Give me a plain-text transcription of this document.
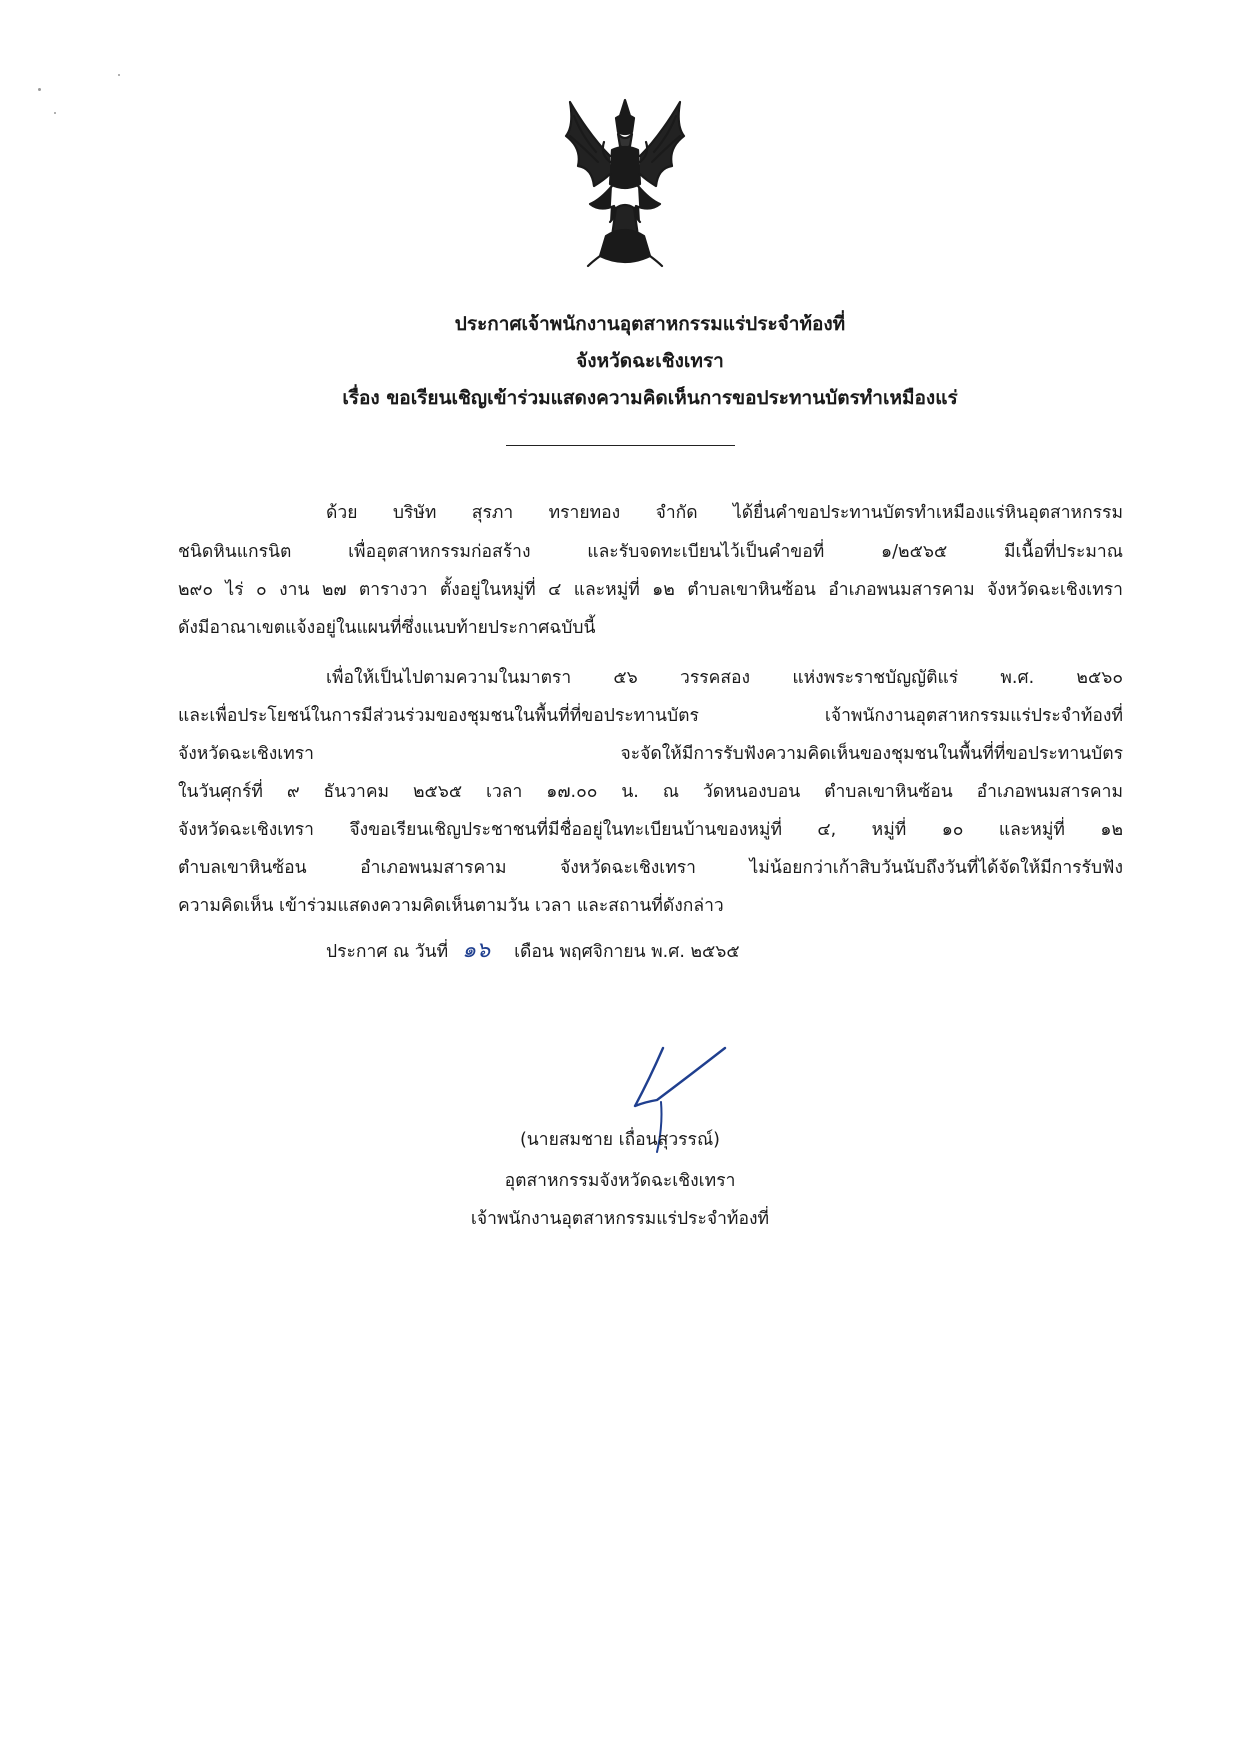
ประกาศเจ้าพนักงานอุตสาหกรรมแร่ประจำท้องที่
จังหวัดฉะเชิงเทรา
เรื่อง ขอเรียนเชิญเข้าร่วมแสดงความคิดเห็นการขอประทานบัตรทำเหมืองแร่
ด้วย บริษัท สุรภา ทรายทอง จำกัด ได้ยื่นคำขอประทานบัตรทำเหมืองแร่หินอุตสาหกรรม
ชนิดหินแกรนิต เพื่ออุตสาหกรรมก่อสร้าง และรับจดทะเบียนไว้เป็นคำขอที่ ๑/๒๕๖๕ มีเนื้อที่ประมาณ
๒๙๐ ไร่ ๐ งาน ๒๗ ตารางวา ตั้งอยู่ในหมู่ที่ ๔ และหมู่ที่ ๑๒ ตำบลเขาหินซ้อน อำเภอพนมสารคาม จังหวัดฉะเชิงเทรา
ดังมีอาณาเขตแจ้งอยู่ในแผนที่ซึ่งแนบท้ายประกาศฉบับนี้
เพื่อให้เป็นไปตามความในมาตรา ๕๖ วรรคสอง แห่งพระราชบัญญัติแร่ พ.ศ. ๒๕๖๐
และเพื่อประโยชน์ในการมีส่วนร่วมของชุมชนในพื้นที่ที่ขอประทานบัตร เจ้าพนักงานอุตสาหกรรมแร่ประจำท้องที่
จังหวัดฉะเชิงเทรา จะจัดให้มีการรับฟังความคิดเห็นของชุมชนในพื้นที่ที่ขอประทานบัตร
ในวันศุกร์ที่ ๙ ธันวาคม ๒๕๖๕ เวลา ๑๗.๐๐ น. ณ วัดหนองบอน ตำบลเขาหินซ้อน อำเภอพนมสารคาม
จังหวัดฉะเชิงเทรา จึงขอเรียนเชิญประชาชนที่มีชื่ออยู่ในทะเบียนบ้านของหมู่ที่ ๔, หมู่ที่ ๑๐ และหมู่ที่ ๑๒
ตำบลเขาหินซ้อน อำเภอพนมสารคาม จังหวัดฉะเชิงเทรา ไม่น้อยกว่าเก้าสิบวันนับถึงวันที่ได้จัดให้มีการรับฟัง
ความคิดเห็น เข้าร่วมแสดงความคิดเห็นตามวัน เวลา และสถานที่ดังกล่าว
ประกาศ ณ วันที่ ๑๖ เดือน พฤศจิกายน พ.ศ. ๒๕๖๕
(นายสมชาย เถื่อนสุวรรณ์)
อุตสาหกรรมจังหวัดฉะเชิงเทรา
เจ้าพนักงานอุตสาหกรรมแร่ประจำท้องที่
